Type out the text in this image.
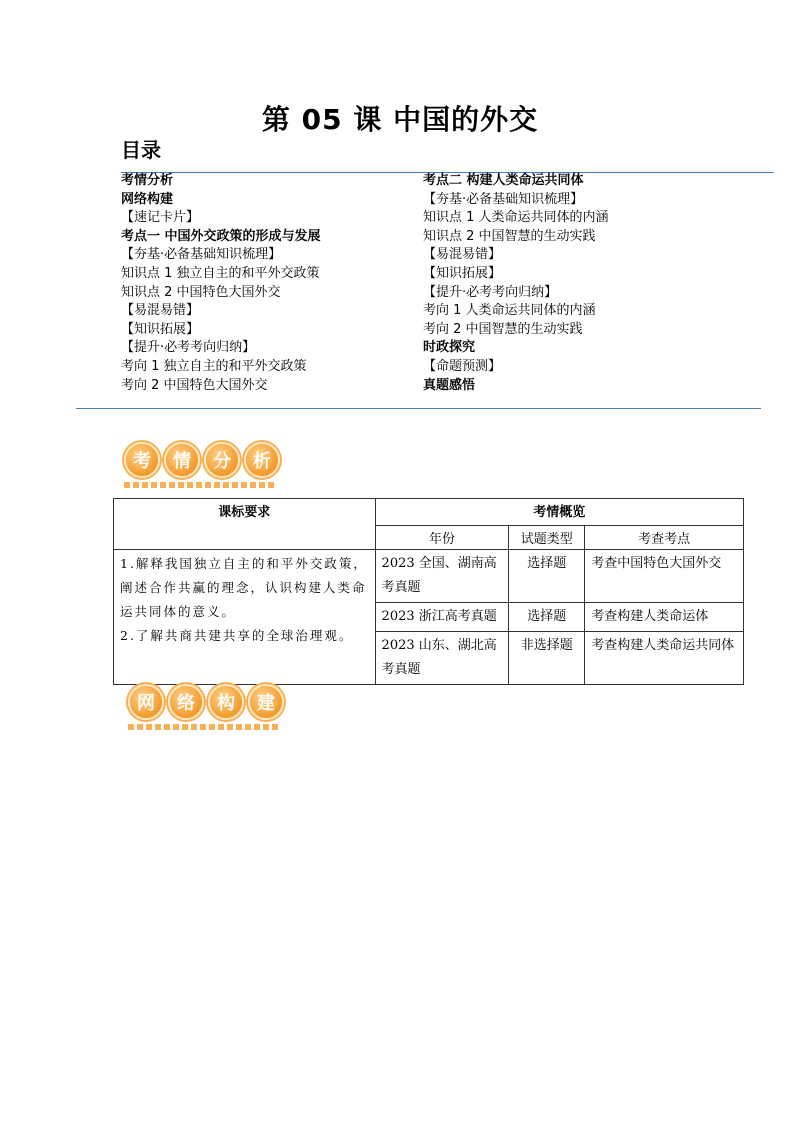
第 05 课 中国的外交
目录
考情分析
网络构建
【速记卡片】
考点一 中国外交政策的形成与发展
【夯基·必备基础知识梳理】
知识点 1 独立自主的和平外交政策
知识点 2 中国特色大国外交
【易混易错】
【知识拓展】
【提升·必考考向归纳】
考向 1 独立自主的和平外交政策
考向 2 中国特色大国外交
考点二 构建人类命运共同体
【夯基·必备基础知识梳理】
知识点 1 人类命运共同体的内涵
知识点 2 中国智慧的生动实践
【易混易错】
【知识拓展】
【提升·必考考向归纳】
考向 1 人类命运共同体的内涵
考向 2 中国智慧的生动实践
时政探究
【命题预测】
真题感悟
考	情	分	析
课标要求	考情概览		
	年份	试题类型	考查考点

1.解释我国独立自主的和平外交政策，阐述合作共赢的理念，认识构建人类命运共同体的意义。
2.了解共商共建共享的全球治理观。	2023 全国、湖南高考真题	选择题	考查中国特色大国外交
	2023 浙江高考真题	选择题	考查构建人类命运体
	2023 山东、湖北高考真题	非选择题	考查构建人类命运共同体
网	络	构	建
